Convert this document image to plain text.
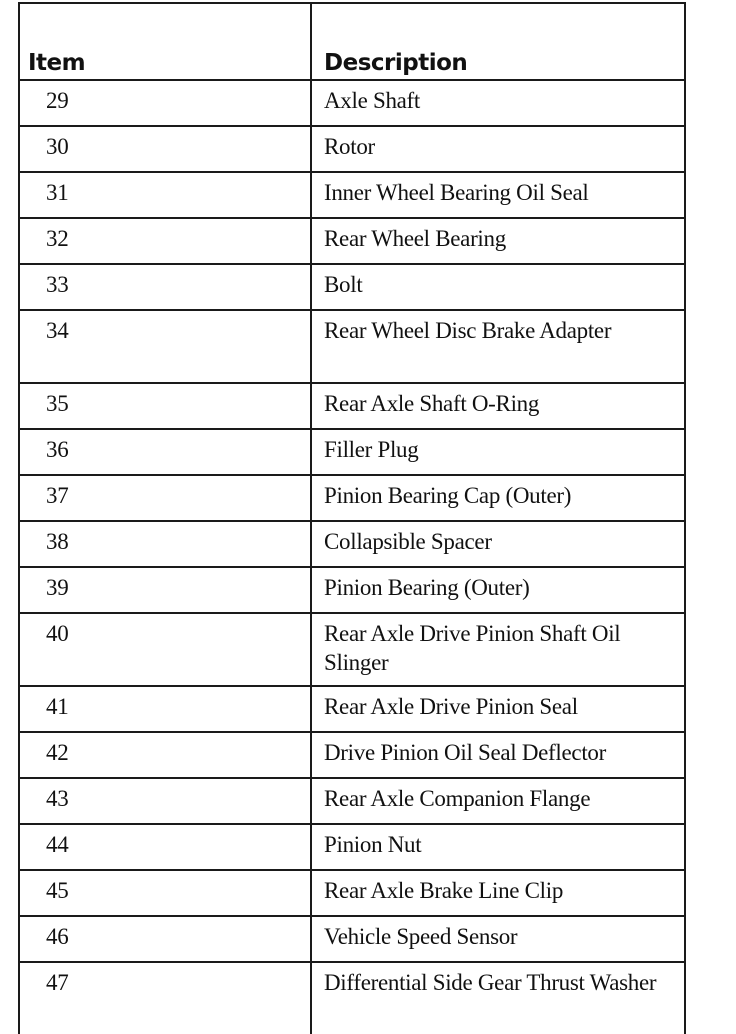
Item	Description
29	Axle Shaft
30	Rotor
31	Inner Wheel Bearing Oil Seal
32	Rear Wheel Bearing
33	Bolt
34	Rear Wheel Disc Brake Adapter
35	Rear Axle Shaft O-Ring
36	Filler Plug
37	Pinion Bearing Cap (Outer)
38	Collapsible Spacer
39	Pinion Bearing (Outer)
40	Rear Axle Drive Pinion Shaft Oil Slinger
41	Rear Axle Drive Pinion Seal
42	Drive Pinion Oil Seal Deflector
43	Rear Axle Companion Flange
44	Pinion Nut
45	Rear Axle Brake Line Clip
46	Vehicle Speed Sensor
47	Differential Side Gear Thrust Washer
